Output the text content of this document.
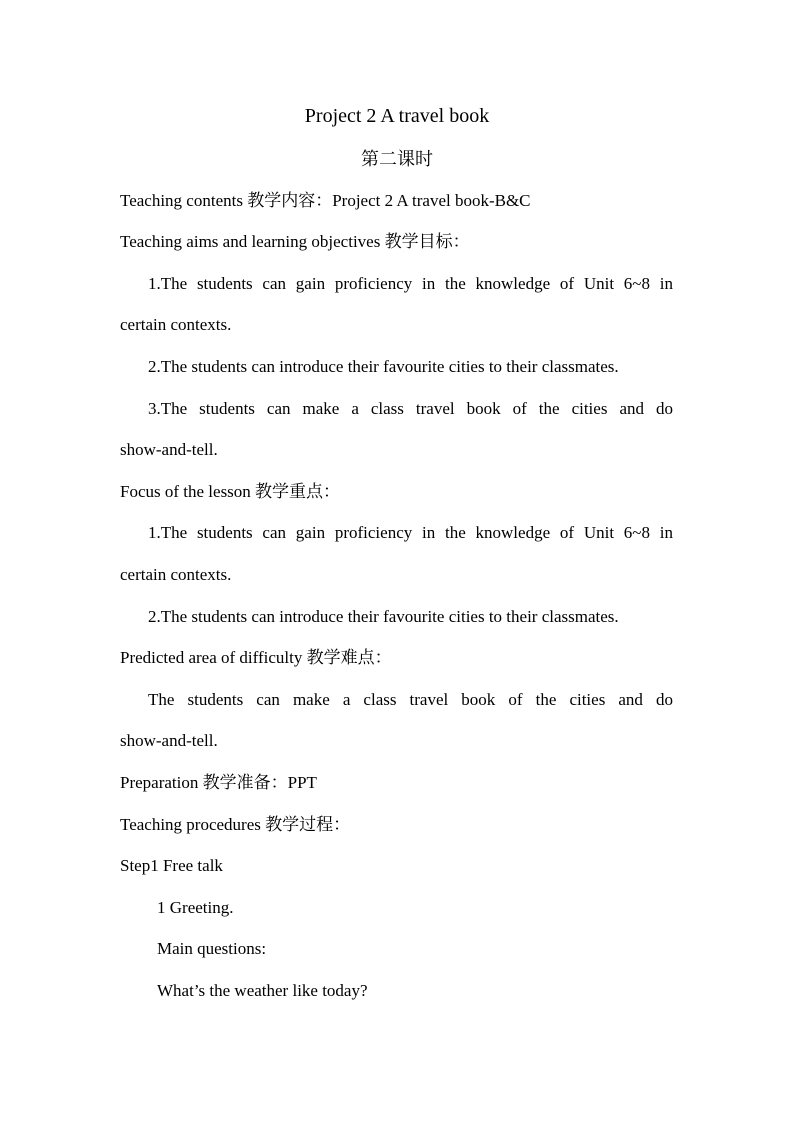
Project 2 A travel book
第二课时
Teaching contents 教学内容：Project 2 A travel book-B&C
Teaching aims and learning objectives 教学目标：
1.The students can gain proficiency in the knowledge of Unit 6~8 in
certain contexts.
2.The students can introduce their favourite cities to their classmates.
3.The students can make a class travel book of the cities and do
show-and-tell.
Focus of the lesson 教学重点：
1.The students can gain proficiency in the knowledge of Unit 6~8 in
certain contexts.
2.The students can introduce their favourite cities to their classmates.
Predicted area of difficulty 教学难点：
The students can make a class travel book of the cities and do
show-and-tell.
Preparation 教学准备：PPT
Teaching procedures 教学过程：
Step1 Free talk
1 Greeting.
Main questions:
What’s the weather like today?
